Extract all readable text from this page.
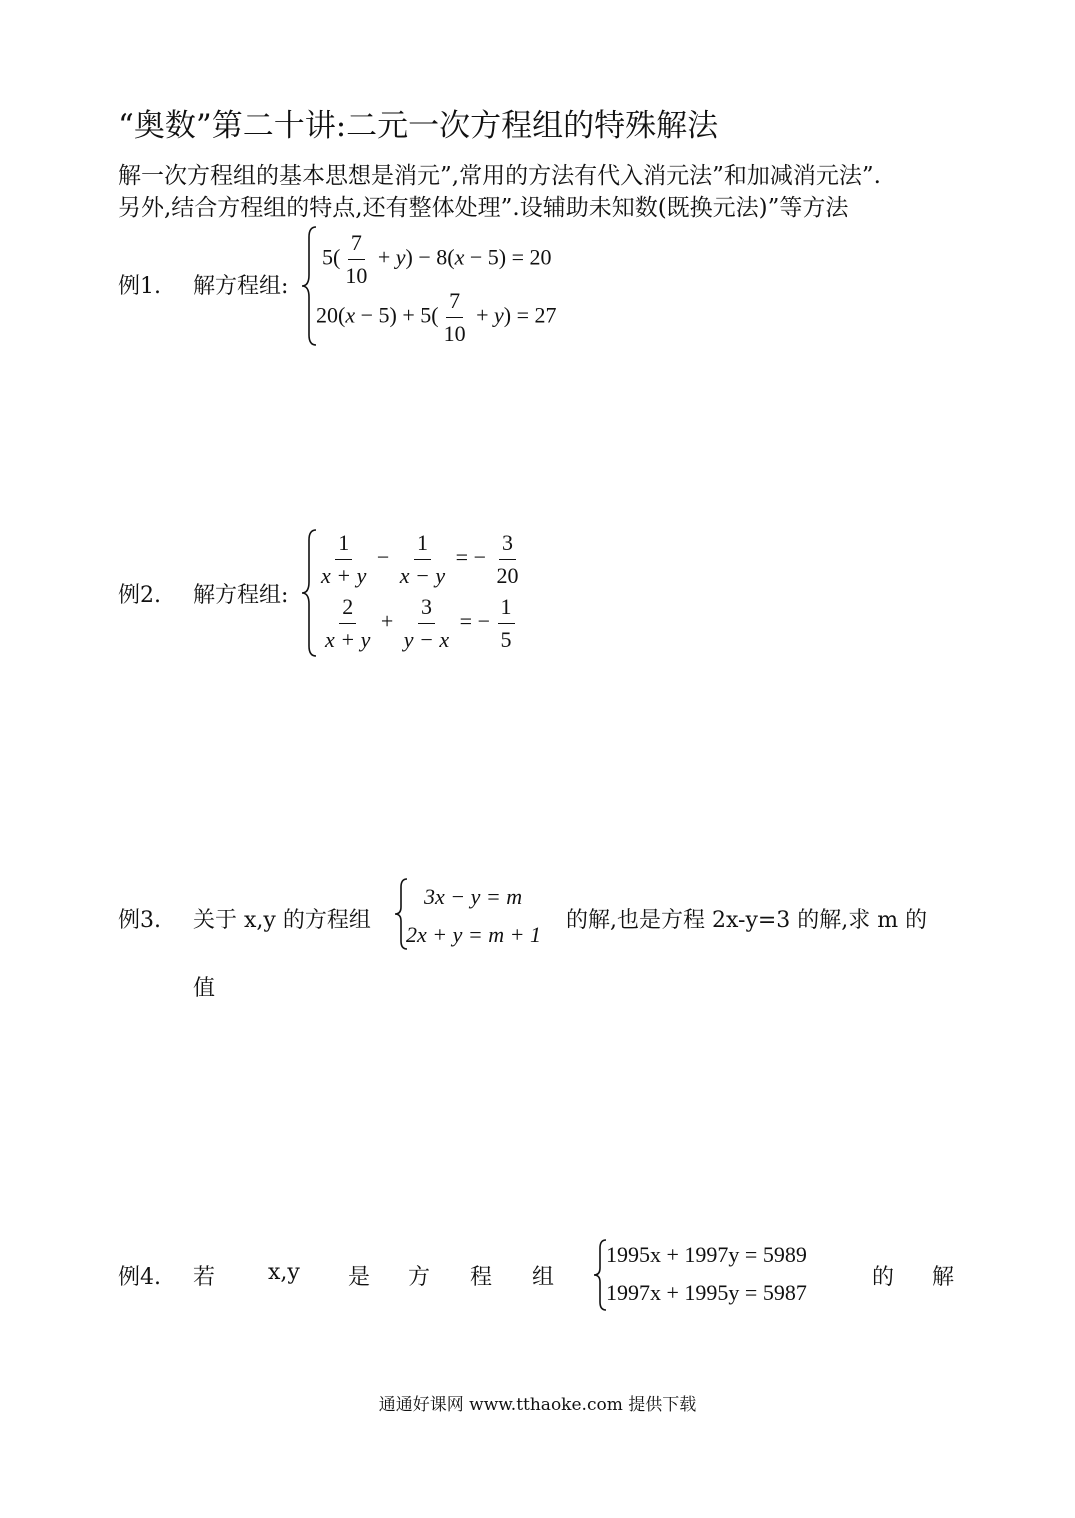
“奥数”第二十讲:二元一次方程组的特殊解法
解一次方程组的基本思想是消元”,常用的方法有代入消元法”和加减消元法”.
另外,结合方程组的特点,还有整体处理”.设辅助未知数(既换元法)”等方法
例1. 解方程组:
$5( \frac{7}{10} + y) - 8(x - 5) = 20$
$20(x - 5) + 5( \frac{7}{10} + y) = 27$
例2. 解方程组:
$\frac{1}{x + y} - \frac{1}{x - y}$ = − $\frac{3}{20}$
$\frac{2}{x + y} + \frac{3}{y - x}$ = − $\frac{1}{5}$
例3. 关于 x,y 的方程组
3x − y = m
2x + y = m + 1
的解,也是方程 2x-y=3 的解,求 m 的
值
例4. 若 x,y 是 方 程 组
1995x + 1997y = 5989
1997x + 1995y = 5987
的 解
通通好课网 www.tthaoke.com 提供下载
